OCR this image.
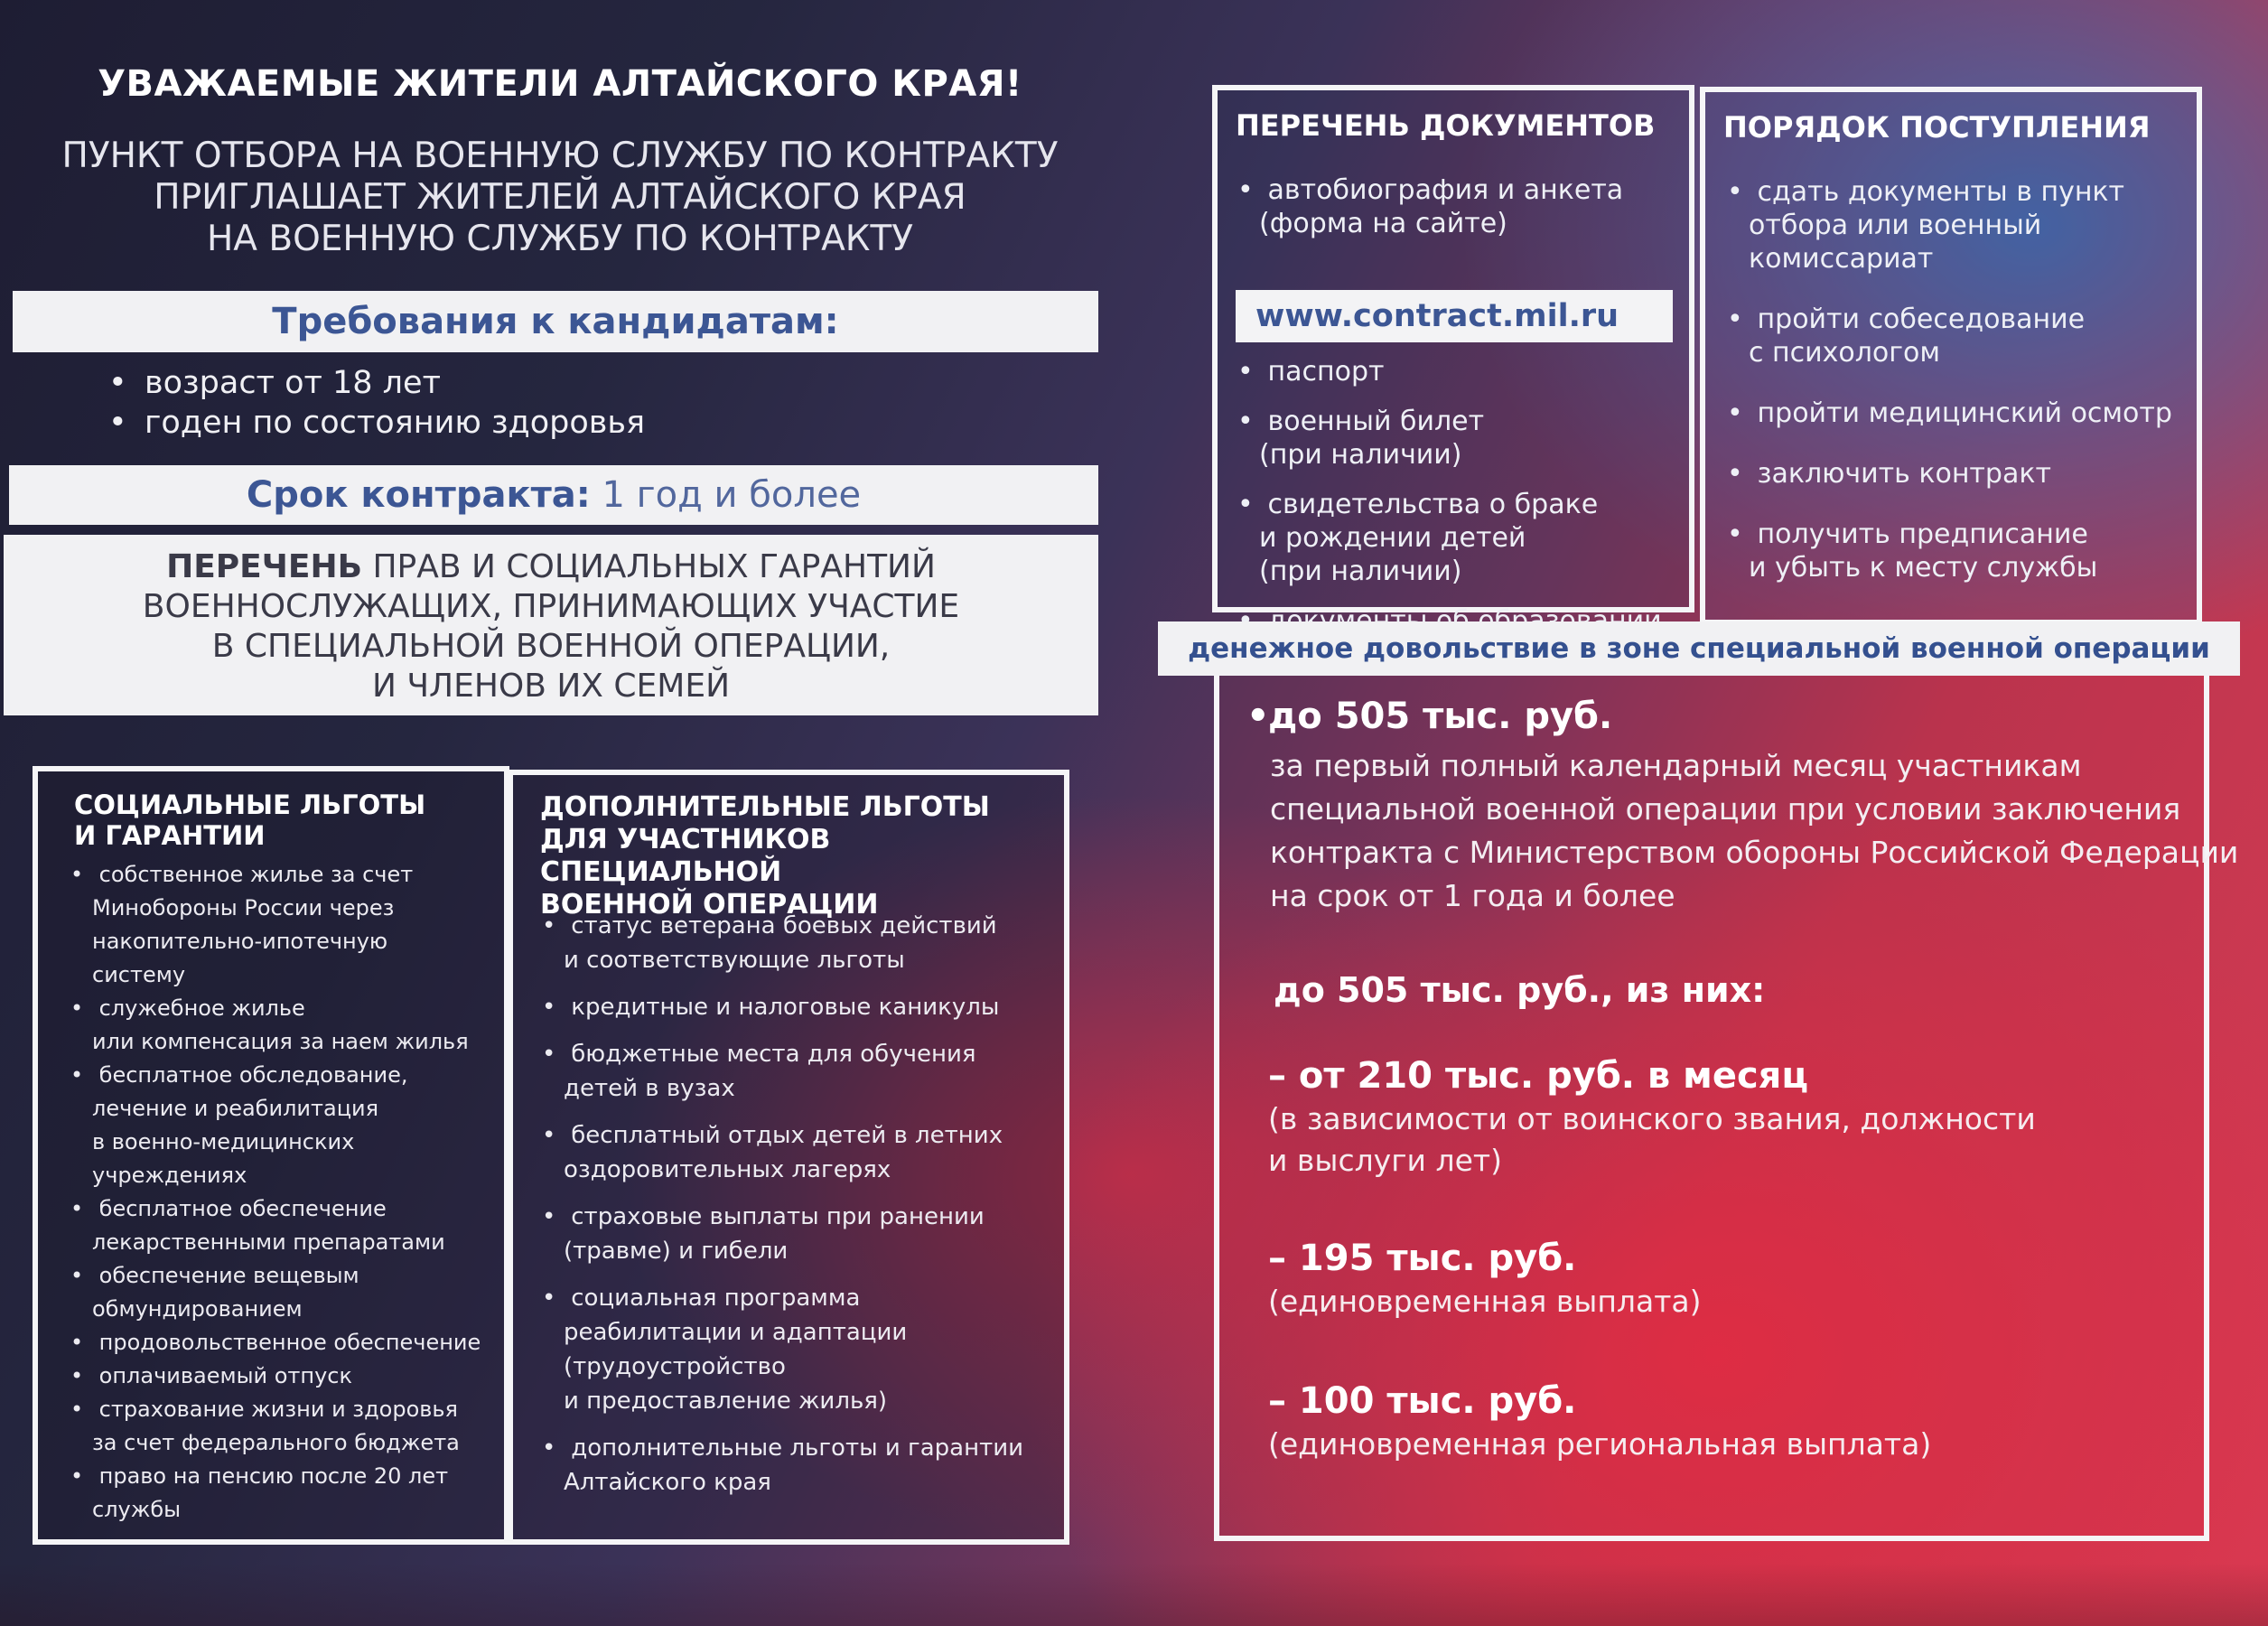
УВАЖАЕМЫЕ ЖИТЕЛИ АЛТАЙСКОГО КРАЯ!
ПУНКТ ОТБОРА НА ВОЕННУЮ СЛУЖБУ ПО КОНТРАКТУ
ПРИГЛАШАЕТ ЖИТЕЛЕЙ АЛТАЙСКОГО КРАЯ
НА ВОЕННУЮ СЛУЖБУ ПО КОНТРАКТУ
Требования к кандидатам:
• возраст от 18 лет
• годен по состоянию здоровья
Срок контракта: 1 год и более
ПЕРЕЧЕНЬ ПРАВ И СОЦИАЛЬНЫХ ГАРАНТИЙ
ВОЕННОСЛУЖАЩИХ, ПРИНИМАЮЩИХ УЧАСТИЕ
В СПЕЦИАЛЬНОЙ ВОЕННОЙ ОПЕРАЦИИ,
И ЧЛЕНОВ ИХ СЕМЕЙ
СОЦИАЛЬНЫЕ ЛЬГОТЫ
И ГАРАНТИИ
• собственное жилье за счет
Минобороны России через
накопительно-ипотечную
систему
• служебное жилье
или компенсация за наем жилья
• бесплатное обследование,
лечение и реабилитация
в военно-медицинских
учреждениях
• бесплатное обеспечение
лекарственными препаратами
• обеспечение вещевым
обмундированием
• продовольственное обеспечение
• оплачиваемый отпуск
• страхование жизни и здоровья
за счет федерального бюджета
• право на пенсию после 20 лет
службы
ДОПОЛНИТЕЛЬНЫЕ ЛЬГОТЫ
ДЛЯ УЧАСТНИКОВ СПЕЦИАЛЬНОЙ
ВОЕННОЙ ОПЕРАЦИИ
• статус ветерана боевых действий
и соответствующие льготы
• кредитные и налоговые каникулы
• бюджетные места для обучения
детей в вузах
• бесплатный отдых детей в летних
оздоровительных лагерях
• страховые выплаты при ранении
(травме) и гибели
• социальная программа
реабилитации и адаптации
(трудоустройство
и предоставление жилья)
• дополнительные льготы и гарантии
Алтайского края
ПЕРЕЧЕНЬ ДОКУМЕНТОВ
• автобиография и анкета
(форма на сайте)
www.contract.mil.ru
• паспорт
• военный билет
(при наличии)
• свидетельства о браке
и рождении детей
(при наличии)
•
ПОРЯДОК ПОСТУПЛЕНИЯ
• сдать документы в пункт
отбора или военный
комиссариат
• пройти собеседование
с психологом
• пройти медицинский осмотр
• заключить контракт
• получить предписание
и убыть к месту службы
денежное довольствие в зоне специальной военной операции
• до 505 тыс. руб.
за первый полный календарный месяц участникам
специальной военной операции при условии заключения
контракта с Министерством обороны Российской Федерации
на срок от 1 года и более
до 505 тыс. руб., из них:
– от 210 тыс. руб. в месяц
(в зависимости от воинского звания, должности
и выслуги лет)
– 195 тыс. руб.
(единовременная выплата)
– 100 тыс. руб.
(единовременная региональная выплата)
